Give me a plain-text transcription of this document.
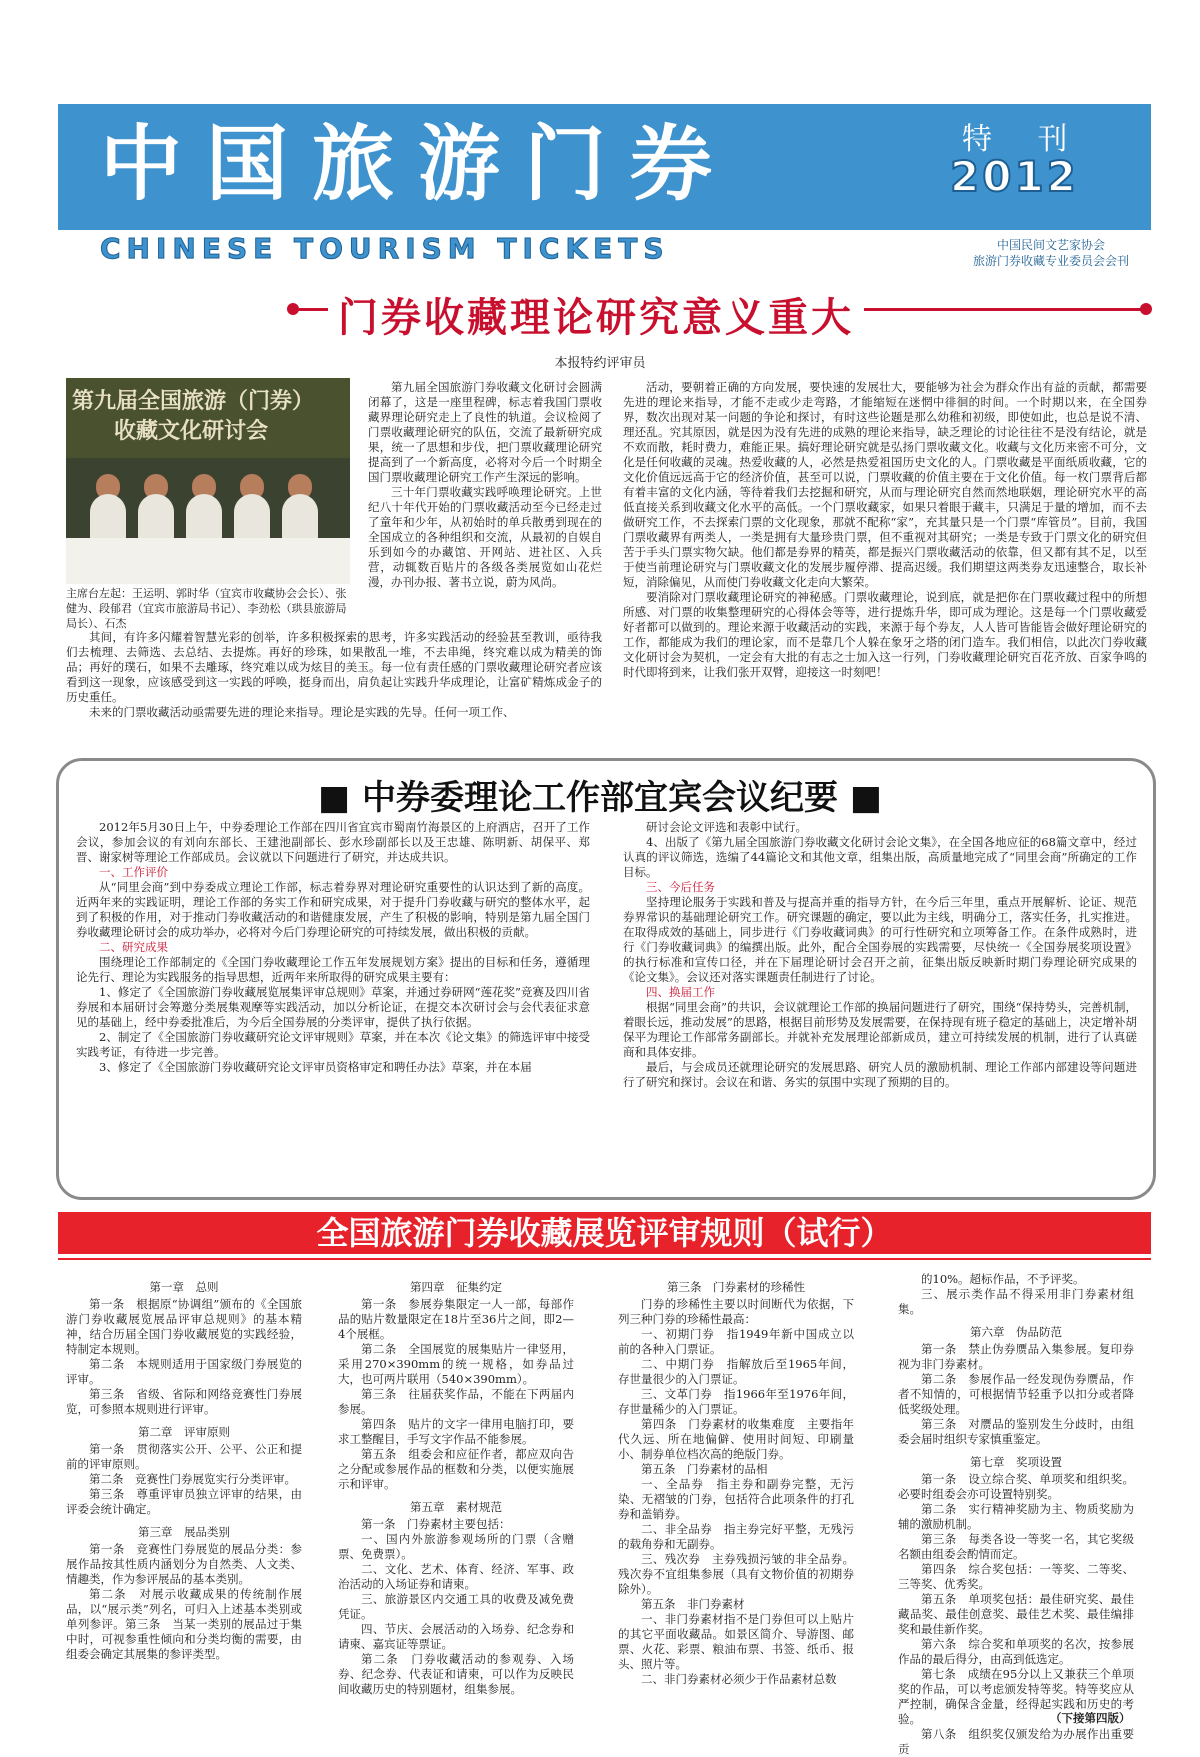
中国旅游门券	特 刊
2012
CHINESE TOURISM TICKETS	中国民间文艺家协会
旅游门券收藏专业委员会会刊
门券收藏理论研究意义重大
本报特约评审员
第九届全国旅游（门券）
收藏文化研讨会
主席台左起：王运明、郭时华（宜宾市收藏协会会长）、张健为、段郁君（宜宾市旅游局书记）、李劲松（珙县旅游局局长）、石杰

第九届全国旅游门券收藏文化研讨会圆满闭幕了，这是一座里程碑，标志着我国门票收藏界理论研究走上了良性的轨道。会议检阅了门票收藏理论研究的队伍，交流了最新研究成果，统一了思想和步伐，把门票收藏理论研究提高到了一个新高度，必将对今后一个时期全国门票收藏理论研究工作产生深远的影响。

三十年门票收藏实践呼唤理论研究。上世纪八十年代开始的门票收藏活动至今已经走过了童年和少年，从初始时的单兵散勇到现在的全国成立的各种组织和交流，从最初的自娱自乐到如今的办藏馆、开网站、进社区、入兵营，动辄数百贴片的各级各类展览如山花烂漫，办刊办报、著书立说，蔚为风尚。

其间，有许多闪耀着智慧光彩的创举，许多积极探索的思考，许多实践活动的经验甚至教训，亟待我们去梳理、去筛选、去总结、去提炼。再好的珍珠，如果散乱一堆，不去串绳，终究难以成为精美的饰品；再好的璞石，如果不去雕琢，终究难以成为炫目的美玉。每一位有责任感的门票收藏理论研究者应该看到这一现象，应该感受到这一实践的呼唤，挺身而出，肩负起让实践升华成理论，让富矿精炼成金子的历史重任。

未来的门票收藏活动亟需要先进的理论来指导。理论是实践的先导。任何一项工作、

活动，要朝着正确的方向发展，要快速的发展壮大，要能够为社会为群众作出有益的贡献，都需要先进的理论来指导，才能不走或少走弯路，才能缩短在迷惘中徘徊的时间。一个时期以来，在全国券界，数次出现对某一问题的争论和探讨，有时这些论题是那么幼稚和初级，即使如此，也总是说不清、理还乱。究其原因，就是因为没有先进的成熟的理论来指导，缺乏理论的讨论往往不是没有结论，就是不欢而散，耗时费力，难能正果。搞好理论研究就是弘扬门票收藏文化。收藏与文化历来密不可分，文化是任何收藏的灵魂。热爱收藏的人，必然是热爱祖国历史文化的人。门票收藏是平面纸质收藏，它的文化价值远远高于它的经济价值，甚至可以说，门票收藏的价值主要在于文化价值。每一枚门票背后都有着丰富的文化内涵，等待着我们去挖掘和研究，从而与理论研究自然而然地联姻，理论研究水平的高低直接关系到收藏文化水平的高低。一个门票收藏家，如果只着眼于藏丰，只满足于量的增加，而不去做研究工作，不去探索门票的文化现象，那就不配称“家”，充其量只是一个门票“库管员”。目前，我国门票收藏界有两类人，一类是拥有大量珍贵门票，但不重视对其研究；一类是专致于门票文化的研究但苦于手头门票实物欠缺。他们都是券界的精英，都是振兴门票收藏活动的依靠，但又都有其不足，以至于使当前理论研究与门票收藏文化的发展步履停滞、提高迟缓。我们期望这两类券友迅速整合，取长补短，消除偏见，从而使门券收藏文化走向大繁荣。

要消除对门票收藏理论研究的神秘感。门票收藏理论，说到底，就是把你在门票收藏过程中的所想所感、对门票的收集整理研究的心得体会等等，进行提炼升华，即可成为理论。这是每一个门票收藏爱好者都可以做到的。理论来源于收藏活动的实践，来源于每个券友，人人皆可皆能皆会做好理论研究的工作，都能成为我们的理论家，而不是靠几个人躲在象牙之塔的闭门造车。我们相信，以此次门券收藏文化研讨会为契机，一定会有大批的有志之士加入这一行列，门券收藏理论研究百花齐放、百家争鸣的时代即将到来，让我们张开双臂，迎接这一时刻吧！

■ 中券委理论工作部宜宾会议纪要 ■

2012年5月30日上午，中券委理论工作部在四川省宜宾市蜀南竹海景区的上府酒店，召开了工作会议，参加会议的有刘向东部长、王建池副部长、彭水珍副部长以及王忠雄、陈明新、胡保平、郑晋、谢家树等理论工作部成员。会议就以下问题进行了研究，并达成共识。

一、工作评价

从“同里会商”到中券委成立理论工作部，标志着券界对理论研究重要性的认识达到了新的高度。近两年来的实践证明，理论工作部的务实工作和研究成果，对于提升门券收藏与研究的整体水平，起到了积极的作用，对于推动门券收藏活动的和谐健康发展，产生了积极的影响，特别是第九届全国门券收藏理论研讨会的成功举办，必将对今后门券理论研究的可持续发展，做出积极的贡献。

二、研究成果

围绕理论工作部制定的《全国门券收藏理论工作五年发展规划方案》提出的目标和任务，遵循理论先行、理论为实践服务的指导思想，近两年来所取得的研究成果主要有：

1、修定了《全国旅游门券收藏展览展集评审总规则》草案，并通过券研网“莲花奖”竞赛及四川省券展和本届研讨会筹邀分类展集观摩等实践活动，加以分析论证，在提交本次研讨会与会代表征求意见的基础上，经中券委批准后，为今后全国券展的分类评审，提供了执行依据。

2、制定了《全国旅游门券收藏研究论文评审规则》草案，并在本次《论文集》的筛选评审中接受实践考证，有待进一步完善。

3、修定了《全国旅游门券收藏研究论文评审员资格审定和聘任办法》草案，并在本届

研讨会论文评选和表彰中试行。

4、出版了《第九届全国旅游门券收藏文化研讨会论文集》，在全国各地应征的68篇文章中，经过认真的评议筛选，选编了44篇论文和其他文章，组集出版，高质量地完成了“同里会商”所确定的工作目标。

三、今后任务

坚持理论服务于实践和普及与提高并重的指导方针，在今后三年里，重点开展解析、论证、规范券界常识的基础理论研究工作。研究课题的确定，要以此为主线，明确分工，落实任务，扎实推进。在取得成效的基础上，同步进行《门券收藏词典》的可行性研究和立项筹备工作。在条件成熟时，进行《门券收藏词典》的编撰出版。此外，配合全国券展的实践需要，尽快统一《全国券展奖项设置》的执行标准和宣传口径，并在下届理论研讨会召开之前，征集出版反映新时期门券理论研究成果的《论文集》。会议还对落实课题责任制进行了讨论。

四、换届工作

根据“同里会商”的共识，会议就理论工作部的换届问题进行了研究，围绕“保持势头，完善机制，着眼长远，推动发展”的思路，根据目前形势及发展需要，在保持现有班子稳定的基础上，决定增补胡保平为理论工作部常务副部长。并就补充发展理论部新成员，建立可持续发展的机制，进行了认真磋商和具体安排。

最后，与会成员还就理论研究的发展思路、研究人员的激励机制、理论工作部内部建设等问题进行了研究和探讨。会议在和谐、务实的氛围中实现了预期的目的。

全国旅游门券收藏展览评审规则（试行）

第一章　总则

第一条　根据原“协调组”颁布的《全国旅游门券收藏展览展品评审总规则》的基本精神，结合历届全国门券收藏展览的实践经验，特制定本规则。

第二条　本规则适用于国家级门券展览的评审。

第三条　省级、省际和网络竞赛性门券展览，可参照本规则进行评审。

第二章　评审原则

第一条　贯彻落实公开、公平、公正和提前的评审原则。

第二条　竞赛性门券展览实行分类评审。

第三条　尊重评审员独立评审的结果，由评委会统计确定。

第三章　展品类别

第一条　竞赛性门券展览的展品分类：参展作品按其性质内涵划分为自然类、人文类、情趣类，作为参评展品的基本类别。

第二条　对展示收藏成果的传统制作展品，以“展示类”列名，可归入上述基本类别或单列参评。第三条　当某一类别的展品过于集中时，可视参重性倾向和分类均衡的需要，由组委会确定其展集的参评类型。

第四章　征集约定

第一条　参展券集限定一人一部，每部作品的贴片数量限定在18片至36片之间，即2—4个展框。

第二条　全国展览的展集贴片一律竖用，采用270×390mm的统一规格，如券品过大，也可两片联用（540×390mm）。

第三条　往届获奖作品，不能在下两届内参展。

第四条　贴片的文字一律用电脑打印，要求工整醒目，手写文字作品不能参展。

第五条　组委会和应征作者，都应双向告之分配或参展作品的框数和分类，以便实施展示和评审。

第五章　素材规范

第一条　门券素材主要包括：

一、国内外旅游参观场所的门票（含赠票、免费票）。

二、文化、艺术、体育、经济、军事、政治活动的入场证券和请柬。

三、旅游景区内交通工具的收费及减免费凭证。

四、节庆、会展活动的入场券、纪念券和请柬、嘉宾证等票证。

第二条　门券收藏活动的参观券、入场券、纪念券、代表证和请柬，可以作为反映民间收藏历史的特别题材，组集参展。

第三条　门券素材的珍稀性

门券的珍稀性主要以时间断代为依据，下列三种门券的珍稀性最高：

一、初期门券　指1949年新中国成立以前的各种入门票证。

二、中期门券　指解放后至1965年间，存世量很少的入门票证。

三、文革门券　指1966年至1976年间，存世量稀少的入门票证。

第四条　门券素材的收集难度　主要指年代久远、所在地偏僻、使用时间短、印刷量小、制券单位档次高的绝版门券。

第五条　门券素材的品相

一、全品券　指主券和副券完整，无污染、无褶皱的门券，包括符合此项条件的打孔券和盖销券。

二、非全品券　指主券完好平整，无残污的载角券和无副券。

三、残次券　主券残损污皱的非全品券。残次券不宜组集参展（具有文物价值的初期券除外）。

第五条　非门券素材

一、非门券素材指不是门券但可以上贴片的其它平面收藏品。如景区简介、导游图、邮票、火花、彩票、粮油布票、书签、纸币、报头、照片等。

二、非门券素材必须少于作品素材总数

的10%。超标作品，不予评奖。

三、展示类作品不得采用非门券素材组集。

第六章　伪品防范

第一条　禁止伪券赝品入集参展。复印券视为非门券素材。

第二条　参展作品一经发现伪券赝品，作者不知情的，可根据情节轻重予以扣分或者降低奖级处理。

第三条　对赝品的鉴别发生分歧时，由组委会届时组织专家慎重鉴定。

第七章　奖项设置

第一条　设立综合奖、单项奖和组织奖。必要时组委会亦可设置特别奖。

第二条　实行精神奖励为主、物质奖励为辅的激励机制。

第三条　每类各设一等奖一名，其它奖级名额由组委会酌情而定。

第四条　综合奖包括：一等奖、二等奖、三等奖、优秀奖。

第五条　单项奖包括：最佳研究奖、最佳藏品奖、最佳创意奖、最佳艺术奖、最佳编排奖和最佳新作奖。

第六条　综合奖和单项奖的名次，按参展作品的最后得分，由高到低选定。

第七条　成绩在95分以上又兼获三个单项奖的作品，可以考虑颁发特等奖。特等奖应从严控制，确保含金量，经得起实践和历史的考验。

第八条　组织奖仅颁发给为办展作出重要贡

（下接第四版）
